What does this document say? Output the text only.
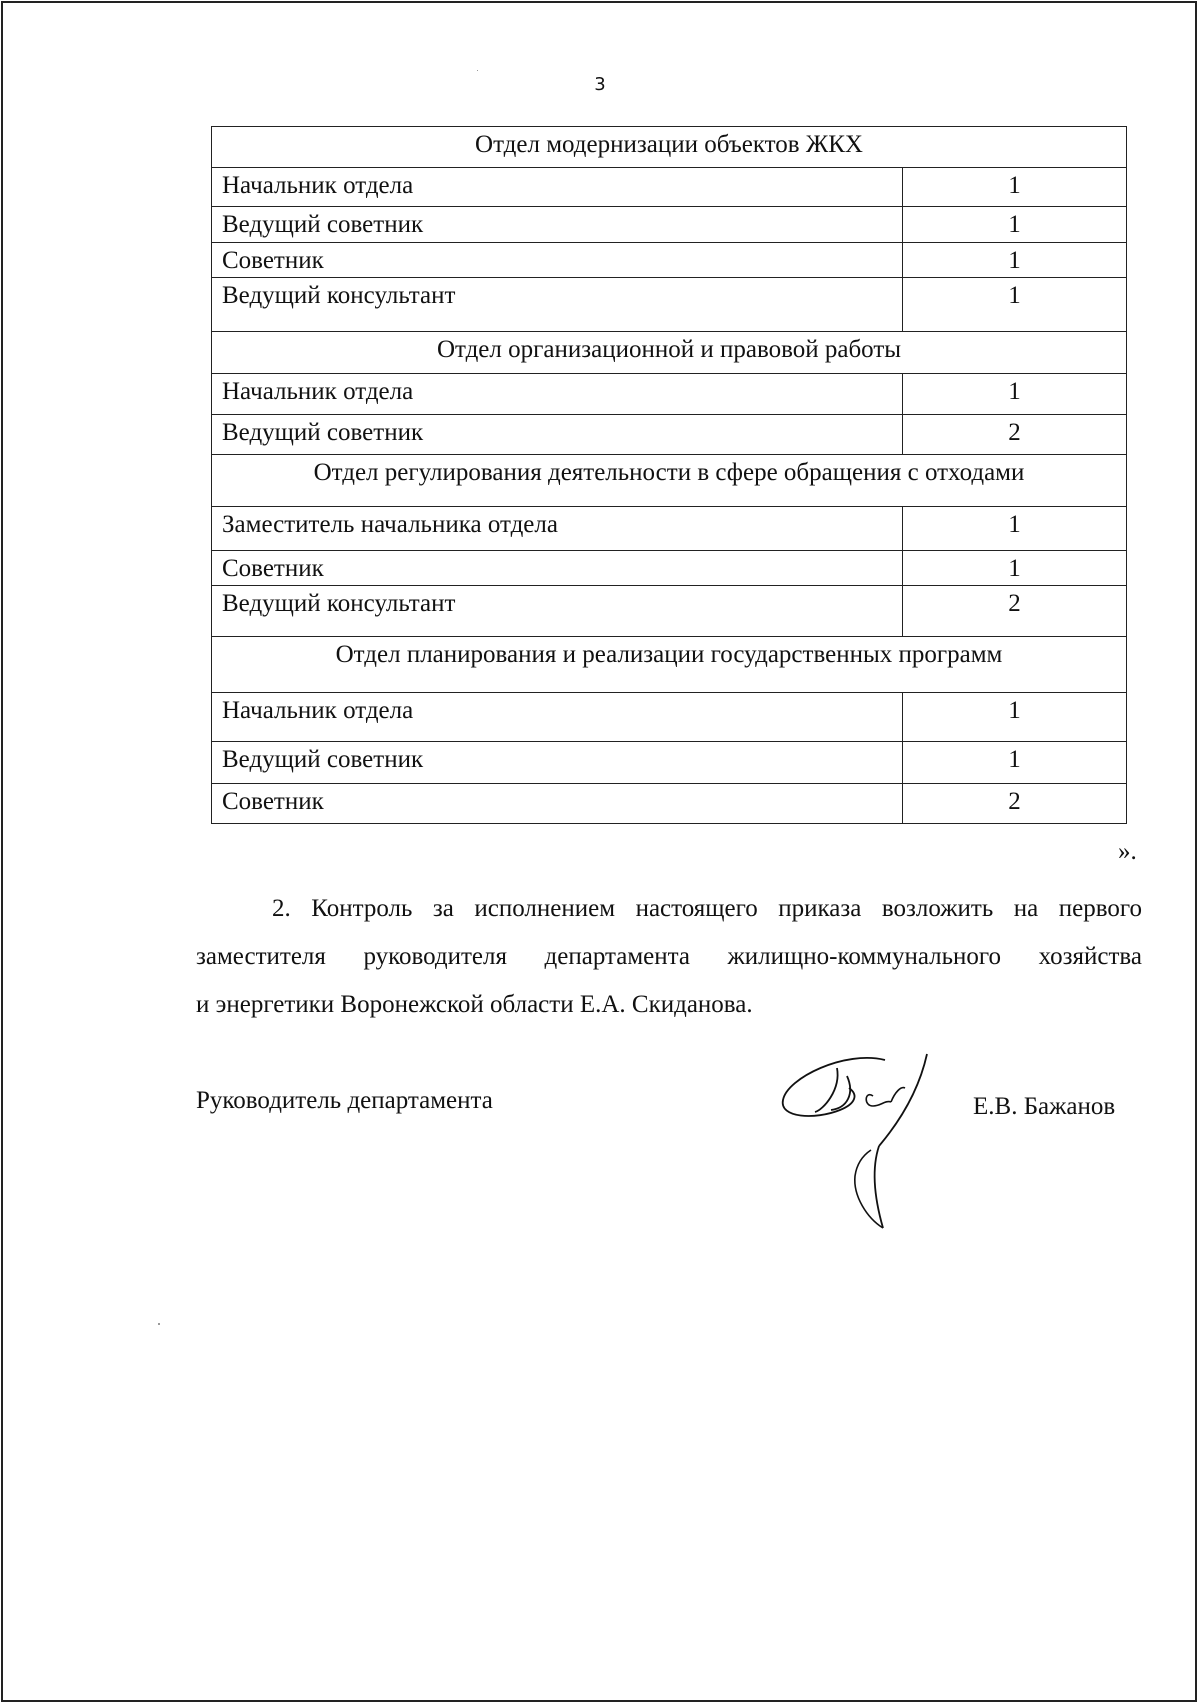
3
Отдел модернизации объектов ЖКХ	
Начальник отдела	1
Ведущий советник	1
Советник	1
Ведущий консультант	1
Отдел организационной и правовой работы	
Начальник отдела	1
Ведущий советник	2
Отдел регулирования деятельности в сфере обращения с отходами	
Заместитель начальника отдела	1
Советник	1
Ведущий консультант	2
Отдел планирования и реализации государственных программ	
Начальник отдела	1
Ведущий советник	1
Советник	2
».
2. Контроль за исполнением настоящего приказа возложить на первого
заместителя руководителя департамента жилищно-коммунального хозяйства
и энергетики Воронежской области Е.А. Скиданова.
Руководитель департамента	Е.В. Бажанов
